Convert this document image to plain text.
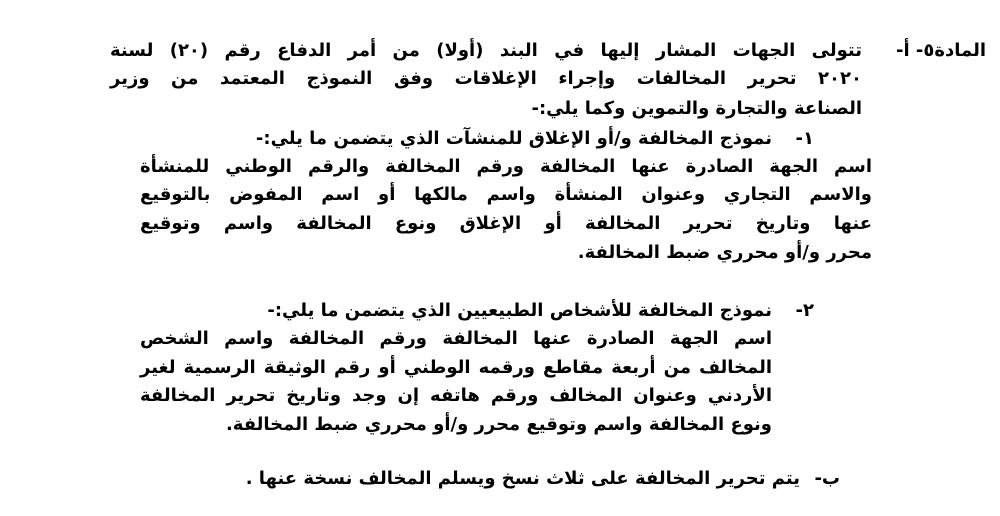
المادة٥- أ-
تتولى الجهات المشار إليها في البند (أولا) من أمر الدفاع رقم (٢٠) لسنة
٢٠٢٠ تحرير المخالفات وإجراء الإغلاقات وفق النموذج المعتمد من وزير
الصناعة والتجارة والتموين وكما يلي:-
١-
نموذج المخالفة و/أو الإغلاق للمنشآت الذي يتضمن ما يلي:-
اسم الجهة الصادرة عنها المخالفة ورقم المخالفة والرقم الوطني للمنشأة
والاسم التجاري وعنوان المنشأة واسم مالكها أو اسم المفوض بالتوقيع
عنها وتاريخ تحرير المخالفة أو الإغلاق ونوع المخالفة واسم وتوقيع
محرر و/أو محرري ضبط المخالفة.
٢-
نموذج المخالفة للأشخاص الطبيعيين الذي يتضمن ما يلي:-
اسم الجهة الصادرة عنها المخالفة ورقم المخالفة واسم الشخص
المخالف من أربعة مقاطع ورقمه الوطني أو رقم الوثيقة الرسمية لغير
الأردني وعنوان المخالف ورقم هاتفه إن وجد وتاريخ تحرير المخالفة
ونوع المخالفة واسم وتوقيع محرر و/أو محرري ضبط المخالفة.
ب-
يتم تحرير المخالفة على ثلاث نسخ ويسلم المخالف نسخة عنها .
